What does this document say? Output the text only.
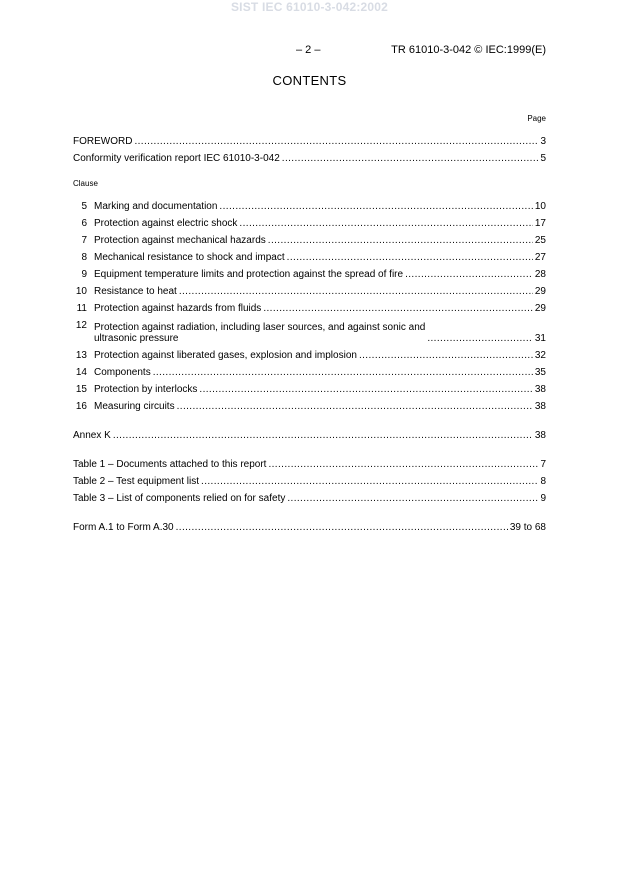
SIST IEC 61010-3-042:2002
– 2 –	TR 61010-3-042 © IEC:1999(E)
CONTENTS
Page
Clause
FOREWORD .....	3
Conformity verification report IEC 61010-3-042 .....	5
5 Marking and documentation .....	10
6 Protection against electric shock .....	17
7 Protection against mechanical hazards .....	25
8 Mechanical resistance to shock and impact .....	27
9 Equipment temperature limits and protection against the spread of fire .....	28
10 Resistance to heat .....	29
11 Protection against hazards from fluids .....	29
12 Protection against radiation, including laser sources, and against sonic and
ultrasonic pressure .....	31
13 Protection against liberated gases, explosion and implosion .....	32
14 Components .....	35
15 Protection by interlocks .....	38
16 Measuring circuits .....	38
Annex K .....	38
Table 1 – Documents attached to this report .....	7
Table 2 – Test equipment list .....	8
Table 3 – List of components relied on for safety .....	9
Form A.1 to Form A.30 .....	39 to 68
